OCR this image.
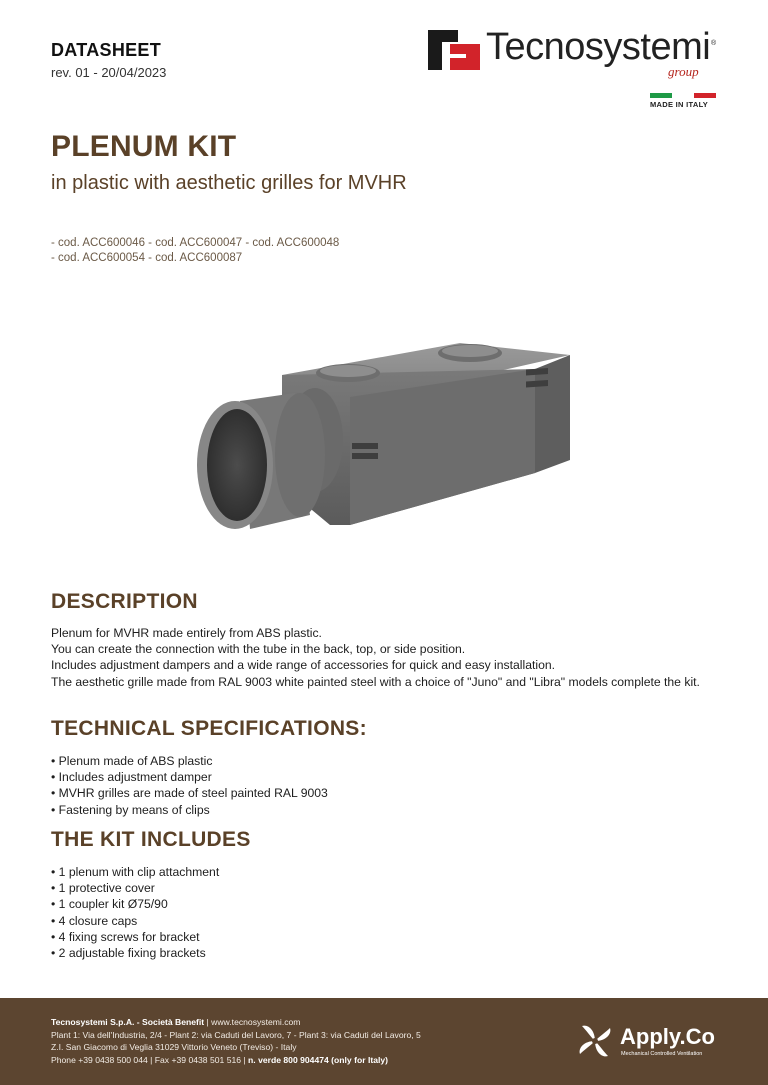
DATASHEET
rev. 01 - 20/04/2023
Tecnosystemi ®
group
MADE IN ITALY
PLENUM KIT
in plastic with aesthetic grilles for MVHR
- cod. ACC600046 - cod. ACC600047 - cod. ACC600048
- cod. ACC600054 - cod. ACC600087
DESCRIPTION

Plenum for MVHR made entirely from ABS plastic.

You can create the connection with the tube in the back, top, or side position.

Includes adjustment dampers and a wide range of accessories for quick and easy installation.

The aesthetic grille made from RAL 9003 white painted steel with a choice of "Juno" and "Libra" models complete the kit.

TECHNICAL SPECIFICATIONS:
• Plenum made of ABS plastic
• Includes adjustment damper
• MVHR grilles are made of steel painted RAL 9003
• Fastening by means of clips
THE KIT INCLUDES
• 1 plenum with clip attachment
• 1 protective cover
• 1 coupler kit Ø75/90
• 4 closure caps
• 4 fixing screws for bracket
• 2 adjustable fixing brackets
Tecnosystemi S.p.A. - Società Benefit | www.tecnosystemi.com
Plant 1: Via dell'Industria, 2/4 - Plant 2: via Caduti del Lavoro, 7 - Plant 3: via Caduti del Lavoro, 5
Z.I. San Giacomo di Veglia 31029 Vittorio Veneto (Treviso) - Italy
Phone +39 0438 500 044 | Fax +39 0438 501 516 | n. verde 800 904474 (only for Italy)
Apply.Co
Mechanical Controlled Ventilation
